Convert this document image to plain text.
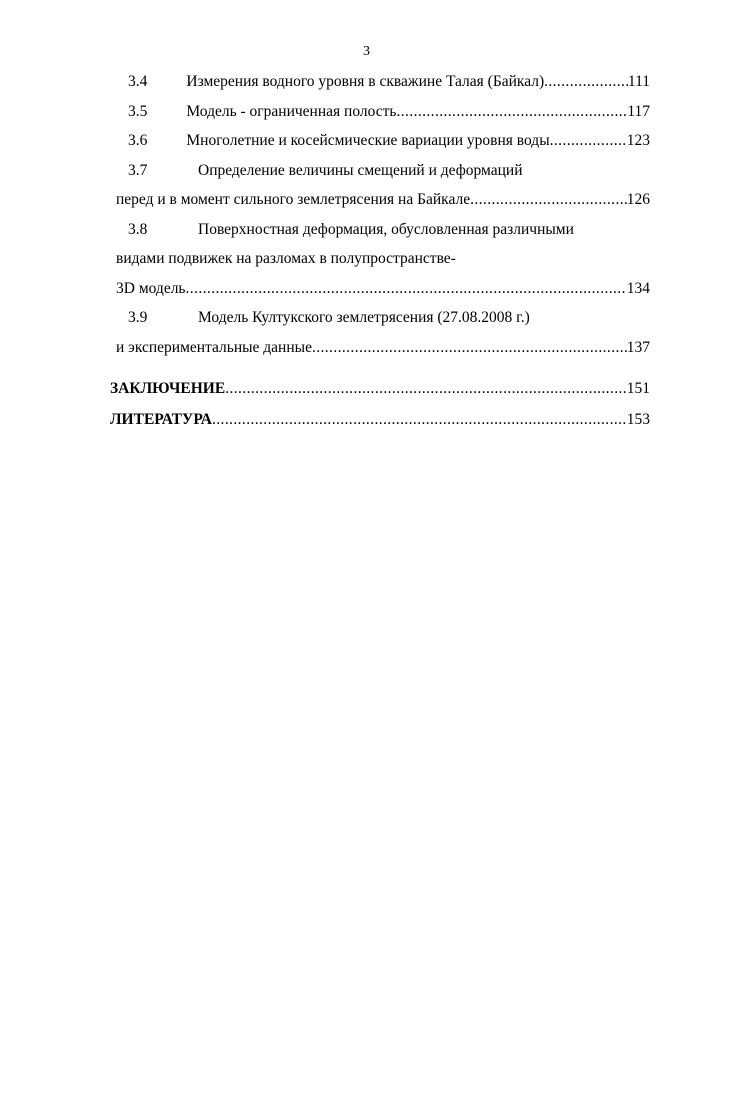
3
3.4	Измерения водного уровня в скважине Талая (Байкал) .....	111
3.5	Модель - ограниченная полость .....	117
3.6	Многолетние и косейсмические вариации уровня воды .....	123
3.7	Определение величины смещений и деформаций
перед и в момент сильного землетрясения на Байкале .....	126
3.8	Поверхностная деформация, обусловленная различными
видами подвижек на разломах в полупространстве-
3D модель .....	134
3.9	Модель Култукского землетрясения (27.08.2008 г.)
и экспериментальные данные .....	137
ЗАКЛЮЧЕНИЕ .....	151
ЛИТЕРАТУРА .....	153
